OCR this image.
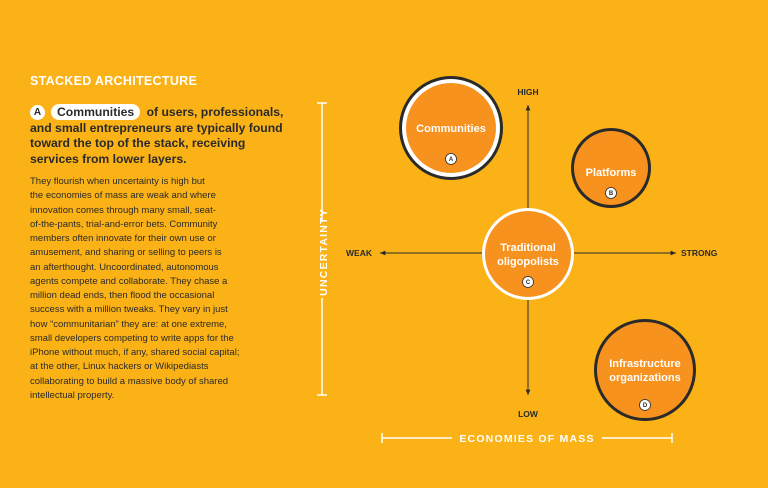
STACKED ARCHITECTURE
A Communities of users, professionals, and small entrepreneurs are typically found toward the top of the stack, receiving services from lower layers.
They flourish when uncertainty is high but
the economies of mass are weak and where
innovation comes through many small, seat-
of-the-pants, trial-and-error bets. Community
members often innovate for their own use or
amusement, and sharing or selling to peers is
an afterthought. Uncoordinated, autonomous
agents compete and collaborate. They chase a
million dead ends, then flood the occasional
success with a million tweaks. They vary in just
how “communitarian” they are: at one extreme,
small developers competing to write apps for the
iPhone without much, if any, shared social capital;
at the other, Linux hackers or Wikipediasts
collaborating to build a massive body of shared
intellectual property.
UNCERTAINTY
ECONOMIES OF MASS
HIGH
LOW
WEAK	STRONG
Communities
A
Platforms
B
Traditional
oligopolists
C
Infrastructure
organizations
D
